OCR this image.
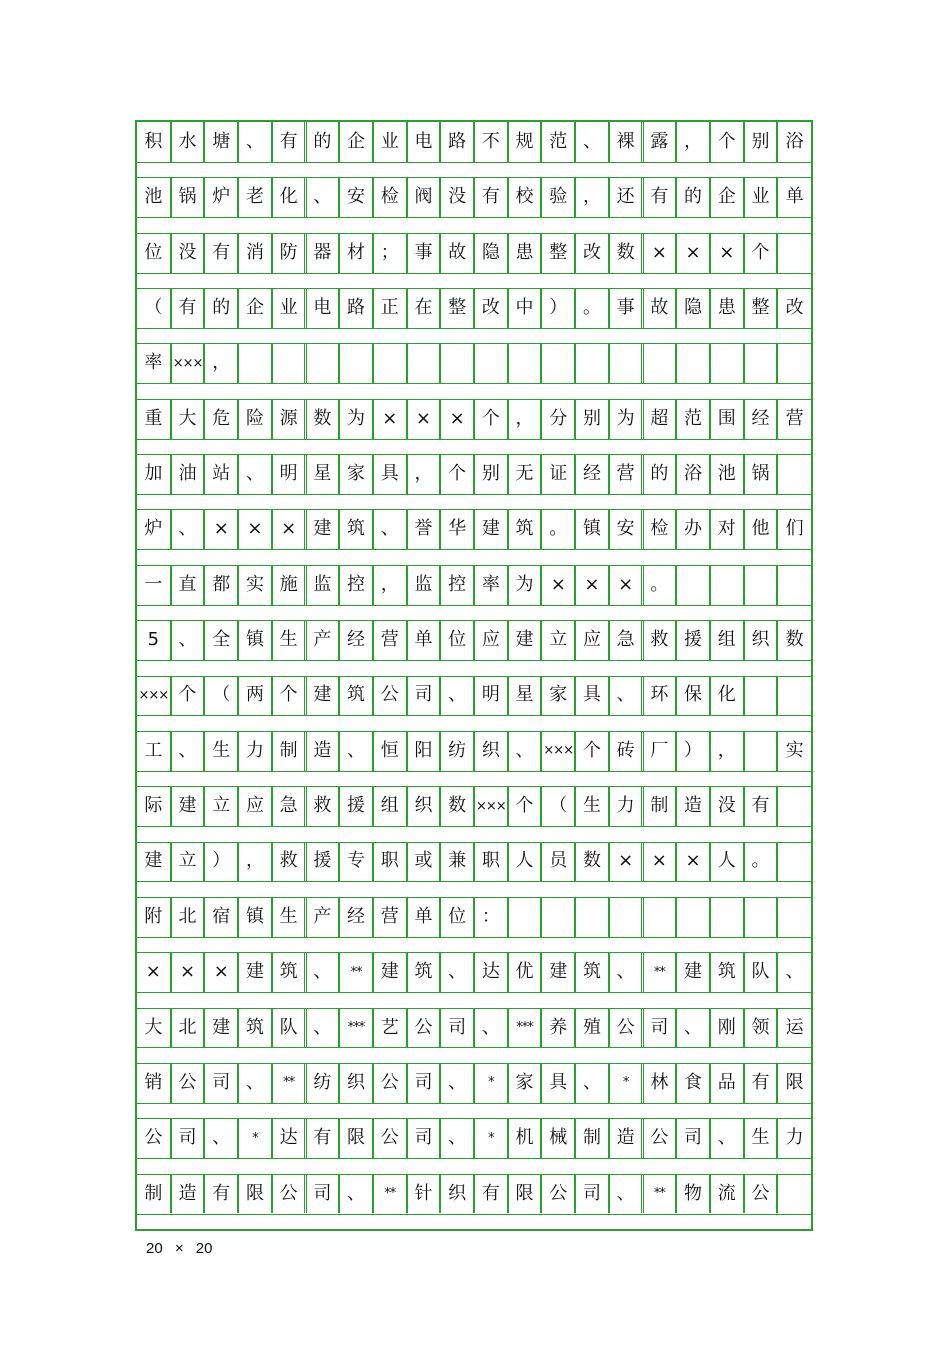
积 水 塘 、 有 的 企 业 电 路 不 规 范 、 裸 露 ， 个 别 浴
池 锅 炉 老 化 、 安 检 阀 没 有 校 验 ， 还 有 的 企 业 单
位 没 有 消 防 器 材 ； 事 故 隐 患 整 改 数 ×	×	× 个
（ 有 的 企 业 电 路 正 在 整 改 中 ） 。 事 故 隐 患 整 改
率 ××× ，
重 大 危 险 源 数 为 ×	×	× 个 ， 分 别 为 超 范 围 经 营
加 油 站 、 明 星 家 具 ， 个 别 无 证 经 营 的 浴 池 锅
炉 、 ×	×	× 建 筑 、 誉 华 建 筑 。 镇 安 检 办 对 他 们
一 直 都 实 施 监 控 ， 监 控 率 为 ×	×	× 。
5	、 全 镇 生 产 经 营 单 位 应 建 立 应 急 救 援 组 织 数
××× 个 （ 两 个 建 筑 公 司 、 明 星 家 具 、 环 保 化
工 、 生 力 制 造 、 恒 阳 纺 织 、 ××× 个 砖 厂 ） ，	实
际 建 立 应 急 救 援 组 织 数 ××× 个 （ 生 力 制 造 没 有
建 立 ） ， 救 援 专 职 或 兼 职 人 员 数 ×	×	× 人 。
附 北 宿 镇 生 产 经 营 单 位 ：
×	×	× 建 筑 、	**	建 筑 、 达 优 建 筑 、	**	建 筑 队 、
大 北 建 筑 队 、	*** 艺 公 司 、	*** 养 殖 公 司 、 刚 领 运
销 公 司 、	**	纺 织 公 司 、	*	家 具 、	*	林 食 品 有 限
公 司 、	*	达 有 限 公 司 、	*	机 械 制 造 公 司 、 生 力
制 造 有 限 公 司 、	**	针 织 有 限 公 司 、	**	物 流 公
20 × 20
